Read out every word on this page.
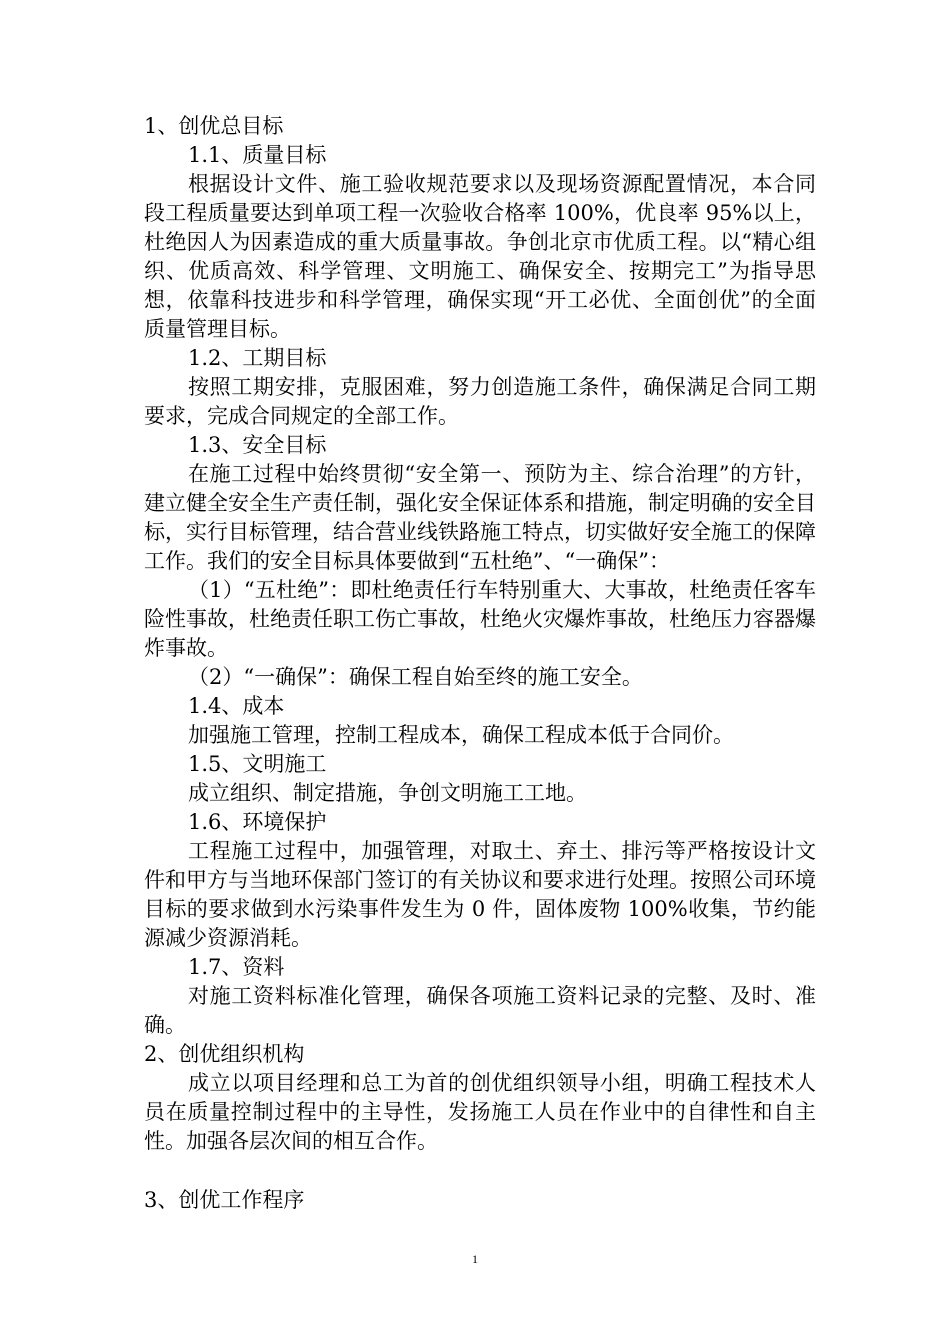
1、创优总目标

1.1、质量目标

根据设计文件、施工验收规范要求以及现场资源配置情况，本合同段工程质量要达到单项工程一次验收合格率 100%，优良率 95%以上，杜绝因人为因素造成的重大质量事故。争创北京市优质工程。以“精心组织、优质高效、科学管理、文明施工、确保安全、按期完工”为指导思想，依靠科技进步和科学管理，确保实现“开工必优、全面创优”的全面质量管理目标。

1.2、工期目标

按照工期安排，克服困难，努力创造施工条件，确保满足合同工期要求，完成合同规定的全部工作。

1.3、安全目标

在施工过程中始终贯彻“安全第一、预防为主、综合治理”的方针，建立健全安全生产责任制，强化安全保证体系和措施，制定明确的安全目标，实行目标管理，结合营业线铁路施工特点，切实做好安全施工的保障工作。我们的安全目标具体要做到“五杜绝”、“一确保”：

（1）“五杜绝”：即杜绝责任行车特别重大、大事故，杜绝责任客车险性事故，杜绝责任职工伤亡事故，杜绝火灾爆炸事故，杜绝压力容器爆炸事故。

（2）“一确保”：确保工程自始至终的施工安全。

1.4、成本

加强施工管理，控制工程成本，确保工程成本低于合同价。

1.5、文明施工

成立组织、制定措施，争创文明施工工地。

1.6、环境保护

工程施工过程中，加强管理，对取土、弃土、排污等严格按设计文件和甲方与当地环保部门签订的有关协议和要求进行处理。按照公司环境目标的要求做到水污染事件发生为 0 件，固体废物 100%收集，节约能源减少资源消耗。

1.7、资料

对施工资料标准化管理，确保各项施工资料记录的完整、及时、准确。

2、创优组织机构

成立以项目经理和总工为首的创优组织领导小组，明确工程技术人员在质量控制过程中的主导性，发扬施工人员在作业中的自律性和自主性。加强各层次间的相互合作。

3、创优工作程序

1
